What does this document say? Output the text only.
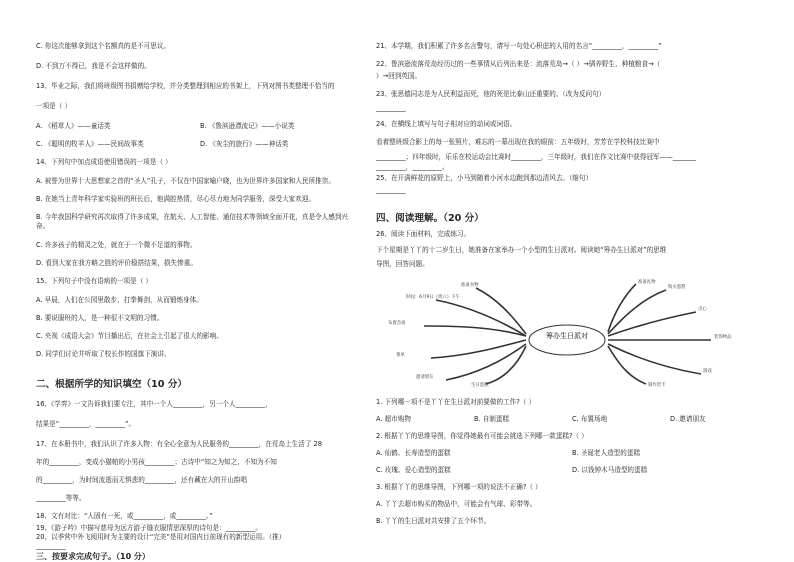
C. 你这次能够拿到这个名额真的是不可思议。
D. 不到万不得已，我是不会这样做的。
13、毕业之际，我们将班级图书捐赠给学校，并分类整理到相应的书架上，下列对图书类整理不恰当的
一项是（ ）
A. 《稻草人》——童话类	B. 《鲁滨逊漂流记》——小说类
C. 《聪明的牧羊人》——民间故事类	D. 《灰尘的旅行》——神话类
14、下列句中加点成语使用错误的一项是（ ）
A. 被誉为世界十大思想家之首的“圣人”孔子，不仅在中国家喻户晓，也为世界许多国家和人民所推崇。
B. 在她当上青年科学家实验班的班长后，他满腔热情，尽心尽力地为同学服务，深受大家欢迎。
B. 今年我国科学研究再次取得了许多成果，在航天、人工智能、通信技术等领域全面开花，真是令人感到兴
奋。
C. 许多孩子的精灵之处，就在于一个微不足道的事物。
D. 看到大家在我方略之胜的评价稳搭结果，损失惨重。
15、下列句子中没有语病的一项是（ ）
A. 早晨，人们在公园里散步、打拳舞剑，从而锻炼身体。
B. 要说服班的人，是一种很不文明的习惯。
C. 央视《成语大会》节目播出后，在社会上引起了很大的影响。
D. 同学们讨论并听取了校长作的国旗下演讲。
二、根据所学的知识填空（10 分）
16、《学弈》一文告诉我们要专注，其中一个人_________，另一个人_________，
结果是“_________，_________”。
17、在本册书中，我们认识了许多人物：有全心全意为人民服务的_________，在荒岛上生活了 28
年的_________，变成小猫帕的小男孩_________；古诗中“知之为知之，不知为不知
的_________，为时间流逝而无惧悲的_________，还有藏在大的开山韵唱
_________等等。
18、文有对比：“人固有一死，或_________，或_________。”
19、《游子吟》中描写慈母为远方游子缝衣服情思深厚的诗句是：_________。
20、以季营中外飞阅用时为主要的设计“完美”是用对国内目前现有的新型运用。（推）
_________
三、按要求完成句子。（10 分）
21、本学期，我们积累了许多名言警句，请写一句处心积虑的人用的名言“_________，_________”
22、鲁滨逊流落荒岛经历过的一些事情从后列出来是：流落荒岛→（ ）→驯养野生、种植粮食→（
）→回到英国。
23、张思德同志是为人民利益而死，他的死是比泰山还重要的。（改为反问句）
_________
24、在横线上填写与句子相对应的动词或词语。
看着整班级合影上的每一张照片，难忘的一幕出现在我的眼前：五年级时，芳芳在学校科技比赛中
_________；四年级时，乐乐在校运动会比赛时_________，三年级时，我们在作文比赛中获得冠军——_______
_________，_________。
25、在开满鲜花的原野上，小马到随着小河水边跑到那边清风去。（缩句）
_________
四、阅读理解。（20 分）
26、阅读下面材料，完成练习。
下个星期是丫丫的十二岁生日，她准备在家举办一个小型的生日派对。阅读她“筹办生日派对”的思维
导图，回答问题。
筹办生日派对
时间：6月9日（周六）下午
布置会场
菜单
邀请朋友
准备食物
生日蛋糕
购买蛋糕
点心
装饰物品
游戏
准备礼物
制作贺卡
1. 下列哪一项不是丫丫在生日派对前要做的工作?（ ）
A. 超市购物	B. 自制蛋糕	C. 布置场地	D. 邀请朋友
2. 根据丫丫的思维导图，你觉得她最有可能会挑选下列哪一款蛋糕?（ ）
A. 仙鹤、长寿造型的蛋糕	B. 圣诞老人造型的蛋糕
C. 玫瑰、爱心造型的蛋糕	D. 以钱钟木马造型的蛋糕
3. 根据丫丫的思维导图，下列哪一项的说法不正确?（ ）
A. 丫丫去超市购买的物品中，可能会有气球、彩带等。
B. 丫丫的生日派对共安排了五个环节。
